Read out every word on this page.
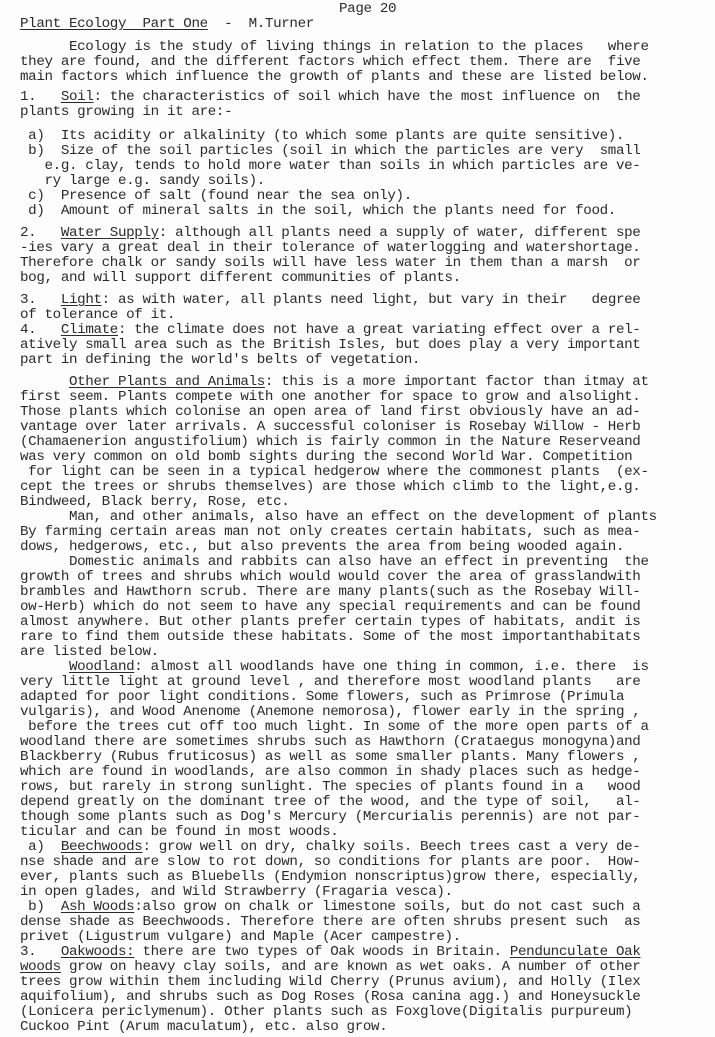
Page 20
Plant Ecology  Part One  -  M.Turner
Ecology is the study of living things in relation to the places   where
they are found, and the different factors which effect them. There are  five
main factors which influence the growth of plants and these are listed below.
1.   Soil: the characteristics of soil which have the most influence on  the
plants growing in it are:-
a)  Its acidity or alkalinity (to which some plants are quite sensitive).
b)  Size of the soil particles (soil in which the particles are very  small
e.g. clay, tends to hold more water than soils in which particles are ve-
ry large e.g. sandy soils).
c)  Presence of salt (found near the sea only).
d)  Amount of mineral salts in the soil, which the plants need for food.
2.   Water Supply: although all plants need a supply of water, different spe
-ies vary a great deal in their tolerance of waterlogging and watershortage.
Therefore chalk or sandy soils will have less water in them than a marsh  or
bog, and will support different communities of plants.
3.   Light: as with water, all plants need light, but vary in their   degree
of tolerance of it.
4.   Climate: the climate does not have a great variating effect over a rel-
atively small area such as the British Isles, but does play a very important
part in defining the world's belts of vegetation.
Other Plants and Animals: this is a more important factor than itmay at
first seem. Plants compete with one another for space to grow and alsolight.
Those plants which colonise an open area of land first obviously have an ad-
vantage over later arrivals. A successful coloniser is Rosebay Willow - Herb
(Chamaenerion angustifolium) which is fairly common in the Nature Reserveand
was very common on old bomb sights during the second World War. Competition
for light can be seen in a typical hedgerow where the commonest plants  (ex-
cept the trees or shrubs themselves) are those which climb to the light,e.g.
Bindweed, Black berry, Rose, etc.
Man, and other animals, also have an effect on the development of plants
By farming certain areas man not only creates certain habitats, such as mea-
dows, hedgerows, etc., but also prevents the area from being wooded again.
Domestic animals and rabbits can also have an effect in preventing  the
growth of trees and shrubs which would would cover the area of grasslandwith
brambles and Hawthorn scrub. There are many plants(such as the Rosebay Will-
ow-Herb) which do not seem to have any special requirements and can be found
almost anywhere. But other plants prefer certain types of habitats, andit is
rare to find them outside these habitats. Some of the most importanthabitats
are listed below.
Woodland: almost all woodlands have one thing in common, i.e. there  is
very little light at ground level , and therefore most woodland plants   are
adapted for poor light conditions. Some flowers, such as Primrose (Primula
vulgaris), and Wood Anenome (Anemone nemorosa), flower early in the spring ,
before the trees cut off too much light. In some of the more open parts of a
woodland there are sometimes shrubs such as Hawthorn (Crataegus monogyna)and
Blackberry (Rubus fruticosus) as well as some smaller plants. Many flowers ,
which are found in woodlands, are also common in shady places such as hedge-
rows, but rarely in strong sunlight. The species of plants found in a   wood
depend greatly on the dominant tree of the wood, and the type of soil,   al-
though some plants such as Dog's Mercury (Mercurialis perennis) are not par-
ticular and can be found in most woods.
a)  Beechwoods: grow well on dry, chalky soils. Beech trees cast a very de-
nse shade and are slow to rot down, so conditions for plants are poor.  How-
ever, plants such as Bluebells (Endymion nonscriptus)grow there, especially,
in open glades, and Wild Strawberry (Fragaria vesca).
b)  Ash Woods:also grow on chalk or limestone soils, but do not cast such a
dense shade as Beechwoods. Therefore there are often shrubs present such  as
privet (Ligustrum vulgare) and Maple (Acer campestre).
3.   Oakwoods: there are two types of Oak woods in Britain. Pendunculate Oak
woods grow on heavy clay soils, and are known as wet oaks. A number of other
trees grow within them including Wild Cherry (Prunus avium), and Holly (Ilex
aquifolium), and shrubs such as Dog Roses (Rosa canina agg.) and Honeysuckle
(Lonicera periclymenum). Other plants such as Foxglove(Digitalis purpureum)
Cuckoo Pint (Arum maculatum), etc. also grow.
